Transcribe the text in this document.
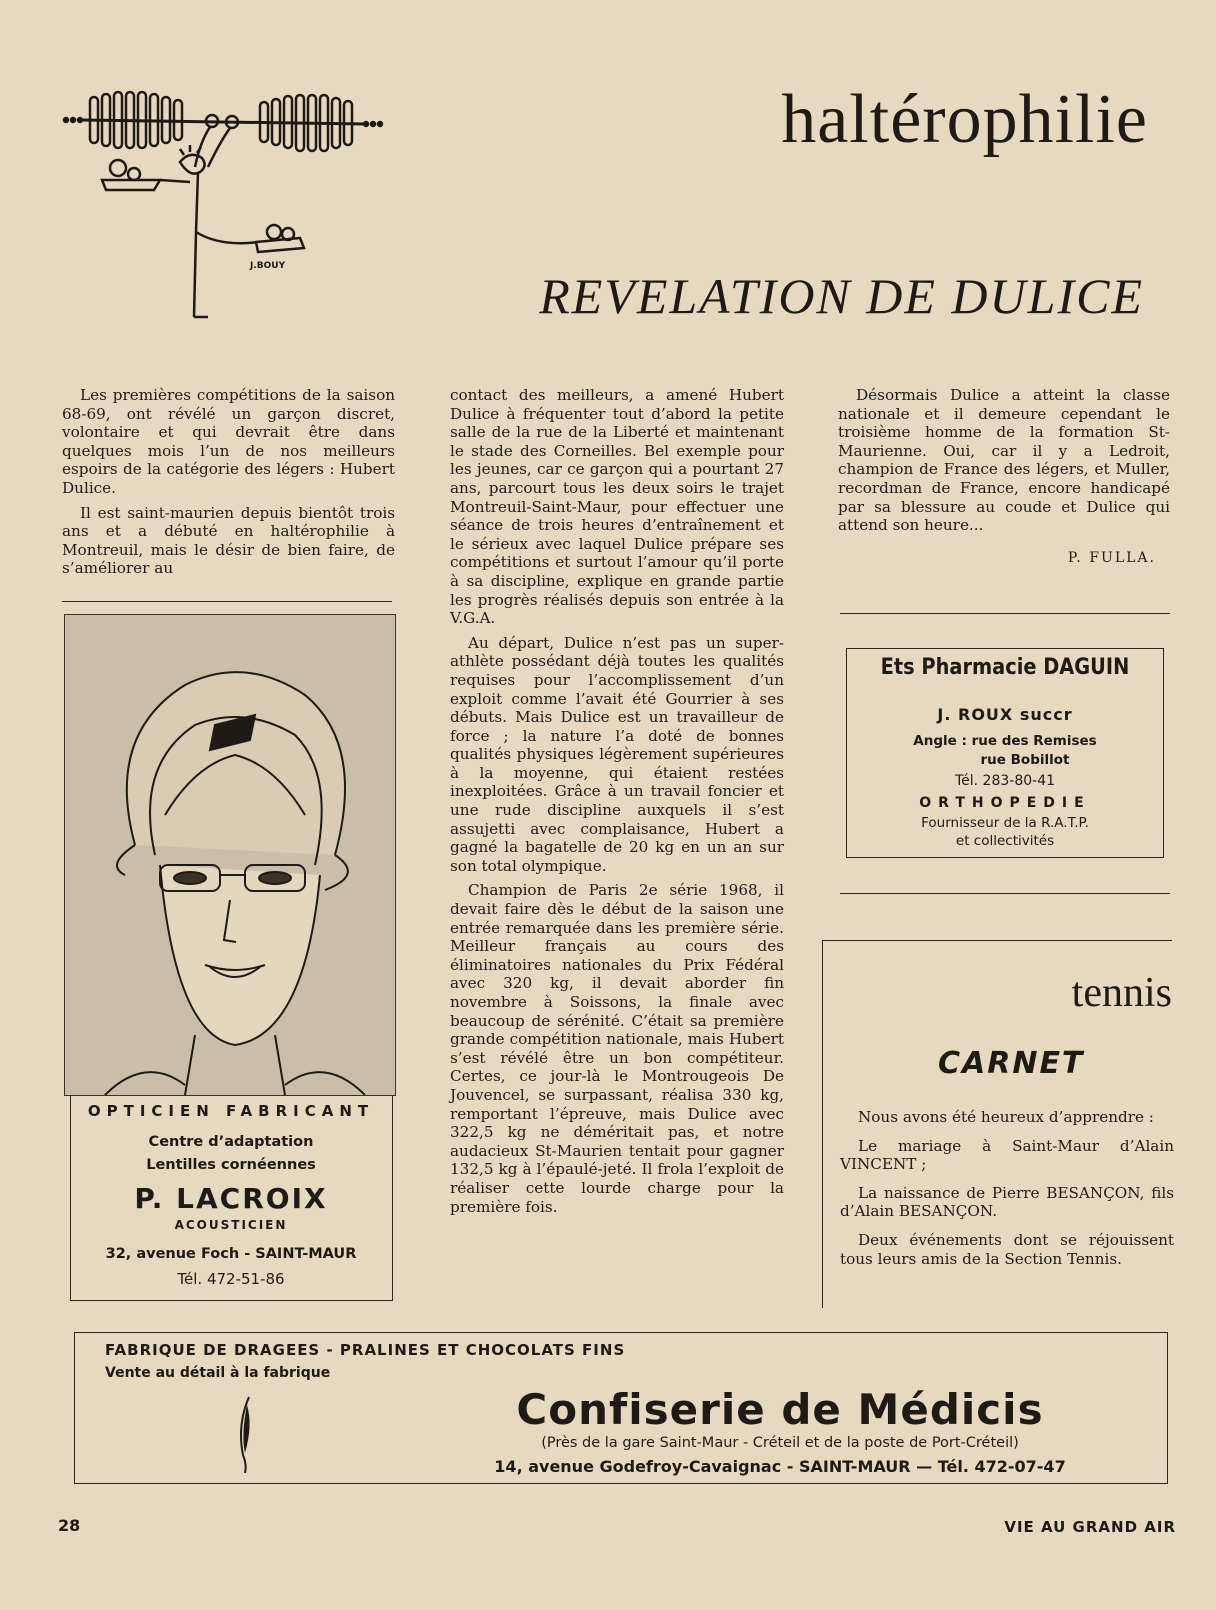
J.BOUY
haltérophilie
REVELATION DE DULICE

Les premières compétitions de la saison 68-69, ont révélé un garçon discret, volontaire et qui devrait être dans quelques mois l’un de nos meilleurs espoirs de la catégorie des légers : Hubert Dulice.

Il est saint-maurien depuis bientôt trois ans et a débuté en haltérophilie à Montreuil, mais le désir de bien faire, de s’améliorer au

OPTICIEN FABRICANT
Centre d’adaptation
Lentilles cornéennes
P. LACROIX
ACOUSTICIEN
32, avenue Foch - SAINT-MAUR
Tél. 472-51-86

contact des meilleurs, a amené Hubert Dulice à fréquenter tout d’abord la petite salle de la rue de la Liberté et maintenant le stade des Corneilles. Bel exemple pour les jeunes, car ce garçon qui a pourtant 27 ans, parcourt tous les deux soirs le trajet Montreuil-Saint-Maur, pour effectuer une séance de trois heures d’entraînement et le sérieux avec laquel Dulice prépare ses compétitions et surtout l’amour qu’il porte à sa discipline, explique en grande partie les progrès réalisés depuis son entrée à la V.G.A.

Au départ, Dulice n’est pas un super-athlète possédant déjà toutes les qualités requises pour l’accomplissement d’un exploit comme l’avait été Gourrier à ses débuts. Mais Dulice est un travailleur de force ; la nature l’a doté de bonnes qualités physiques légèrement supérieures à la moyenne, qui étaient restées inexploitées. Grâce à un travail foncier et une rude discipline auxquels il s’est assujetti avec complaisance, Hubert a gagné la bagatelle de 20 kg en un an sur son total olympique.

Champion de Paris 2e série 1968, il devait faire dès le début de la saison une entrée remarquée dans les première série. Meilleur français au cours des éliminatoires nationales du Prix Fédéral avec 320 kg, il devait aborder fin novembre à Soissons, la finale avec beaucoup de sérénité. C’était sa première grande compétition nationale, mais Hubert s’est révélé être un bon compétiteur. Certes, ce jour-là le Montrougeois De Jouvencel, se surpassant, réalisa 330 kg, remportant l’épreuve, mais Dulice avec 322,5 kg ne déméritait pas, et notre audacieux St-Maurien tentait pour gagner 132,5 kg à l’épaulé-jeté. Il frola l’exploit de réaliser cette lourde charge pour la première fois.

Désormais Dulice a atteint la classe nationale et il demeure cependant le troisième homme de la formation St-Maurienne. Oui, car il y a Ledroit, champion de France des légers, et Muller, recordman de France, encore handicapé par sa blessure au coude et Dulice qui attend son heure...

P. FULLA.
Ets Pharmacie DAGUIN
J. ROUX succr
Angle : rue des Remises
rue Bobillot
Tél. 283-80-41
ORTHOPEDIE
Fournisseur de la R.A.T.P.
et collectivités
tennis
CARNET

Nous avons été heureux d’apprendre :

Le mariage à Saint-Maur d’Alain VINCENT ;

La naissance de Pierre BESANÇON, fils d’Alain BESANÇON.

Deux événements dont se réjouissent tous leurs amis de la Section Tennis.

FABRIQUE DE DRAGEES - PRALINES ET CHOCOLATS FINS
Vente au détail à la fabrique
Confiserie de Médicis
(Près de la gare Saint-Maur - Créteil et de la poste de Port-Créteil)
14, avenue Godefroy-Cavaignac - SAINT-MAUR — Tél. 472-07-47
28	VIE AU GRAND AIR
